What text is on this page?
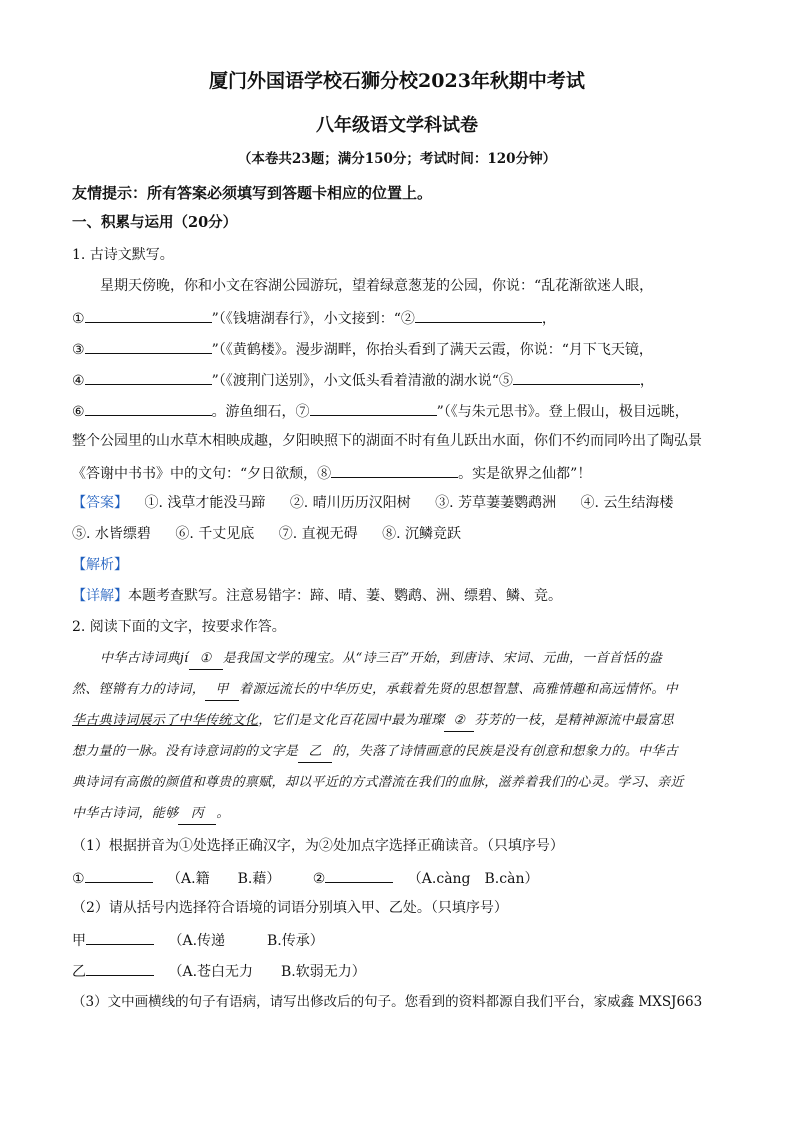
厦门外国语学校石狮分校2023年秋期中考试
八年级语文学科试卷
（本卷共23题；满分150分；考试时间：120分钟）
友情提示：所有答案必须填写到答题卡相应的位置上。
一、积累与运用（20分）
1. 古诗文默写。
星期天傍晚，你和小文在容湖公园游玩，望着绿意葱茏的公园，你说：“乱花渐欲迷人眼，
①	”（《钱塘湖春行》，小文接到：“②	，
③	”（《黄鹤楼》。漫步湖畔，你抬头看到了满天云霞，你说：“月下飞天镜，
④	”（《渡荆门送别》，小文低头看着清澈的湖水说“⑤	，
⑥	。游鱼细石，⑦	”（《与朱元思书》。登上假山，极目远眺，
整个公园里的山水草木相映成趣，夕阳映照下的湖面不时有鱼儿跃出水面，你们不约而同吟出了陶弘景
《答谢中书书》中的文句：“夕日欲颓，⑧	。实是欲界之仙都”！
【答案】 ①. 浅草才能没马蹄 ②. 晴川历历汉阳树 ③. 芳草萋萋鹦鹉洲 ④. 云生结海楼
⑤. 水皆缥碧 ⑥. 千丈见底 ⑦. 直视无碍 ⑧. 沉鳞竞跃
【解析】
【详解】本题考查默写。注意易错字：蹄、晴、萋、鹦鹉、洲、缥碧、鳞、竞。
2. 阅读下面的文字，按要求作答。
中华古诗词典jí ① 是我国文学的瑰宝。从“诗三百”开始，到唐诗、宋词、元曲，一首首恬的盎
然、铿锵有力的诗词， 甲 着源远流长的中华历史，承载着先贤的思想智慧、高雅情趣和高远情怀。中
华古典诗词展示了中华传统文化，它们是文化百花园中最为璀璨 ② 芬芳的一枝，是精神源流中最富思
想力量的一脉。没有诗意词韵的文字是 乙 的，失落了诗情画意的民族是没有创意和想象力的。中华古
典诗词有高傲的颜值和尊贵的禀赋，却以平近的方式潜流在我们的血脉，滋养着我们的心灵。学习、亲近
中华古诗词，能够 丙 。
（1）根据拼音为①处选择正确汉字，为②处加点字选择正确读音。（只填序号）
①	（A.籍　　B.藉） ②	（A.càng　B.càn）
（2）请从括号内选择符合语境的词语分别填入甲、乙处。（只填序号）
甲	（A.传递　　　B.传承）
乙	（A.苍白无力　　B.软弱无力）
（3）文中画横线的句子有语病，请写出修改后的句子。您看到的资料都源自我们平台，家威鑫 MXSJ663
